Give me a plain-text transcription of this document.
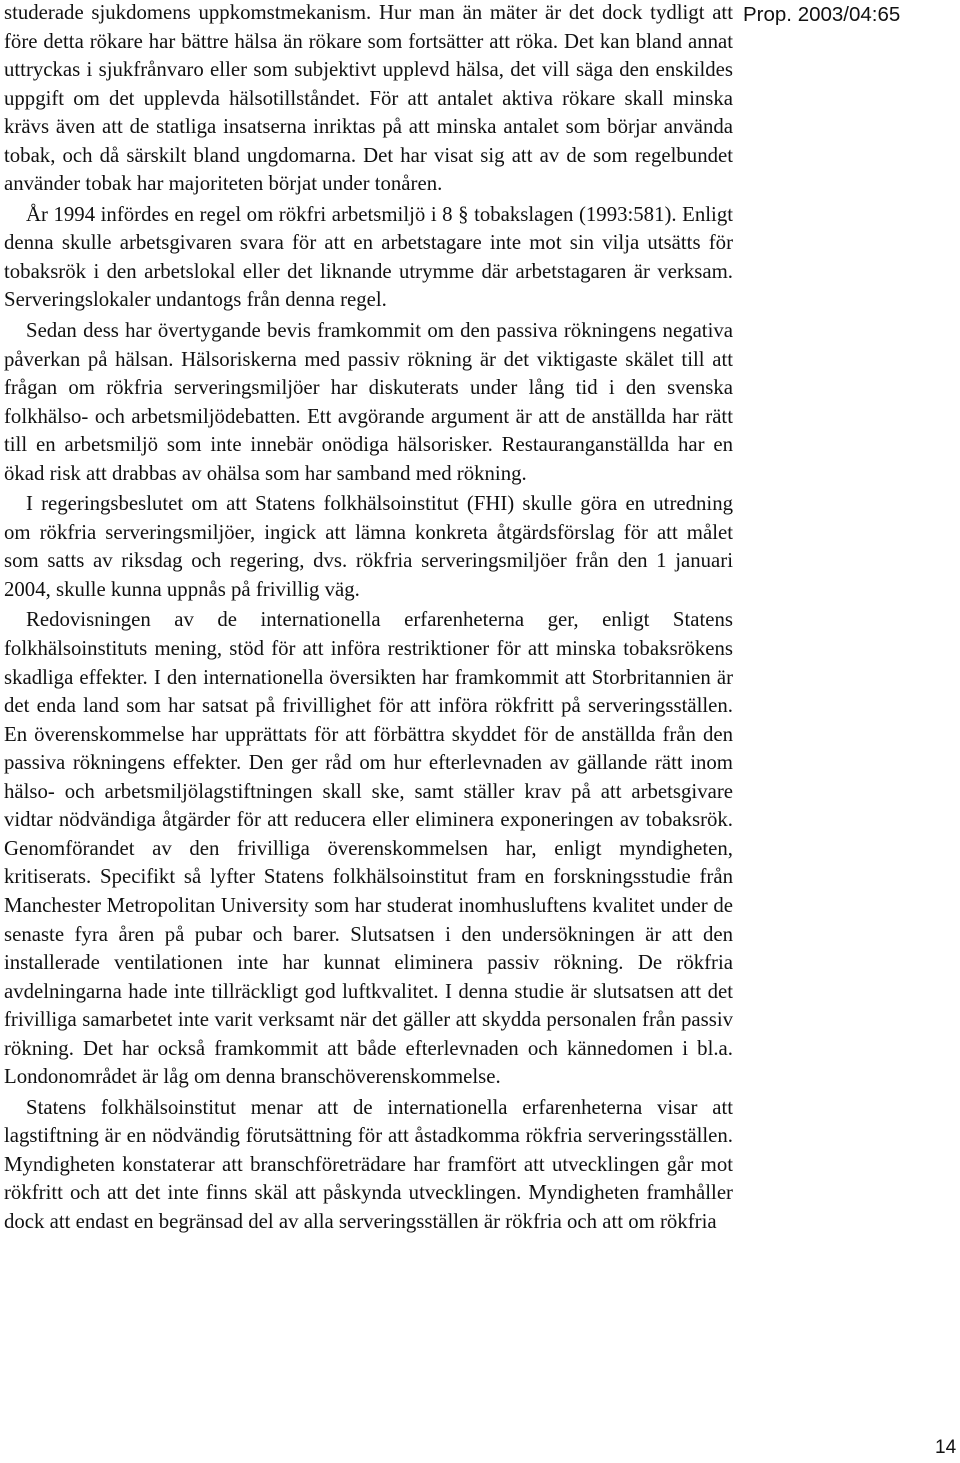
Prop. 2003/04:65

studerade sjukdomens uppkomstmekanism. Hur man än mäter är det dock tydligt att före detta rökare har bättre hälsa än rökare som fortsätter att röka. Det kan bland annat uttryckas i sjukfrånvaro eller som subjektivt upplevd hälsa, det vill säga den enskildes uppgift om det upplevda hälsotillståndet. För att antalet aktiva rökare skall minska krävs även att de statliga insatserna inriktas på att minska antalet som börjar använda tobak, och då särskilt bland ungdomarna. Det har visat sig att av de som regelbundet använder tobak har majoriteten börjat under tonåren.

År 1994 infördes en regel om rökfri arbetsmiljö i 8 § tobakslagen (1993:581). Enligt denna skulle arbetsgivaren svara för att en arbetstagare inte mot sin vilja utsätts för tobaksrök i den arbetslokal eller det liknande utrymme där arbetstagaren är verksam. Serveringslokaler undantogs från denna regel.

Sedan dess har övertygande bevis framkommit om den passiva rökningens negativa påverkan på hälsan. Hälsoriskerna med passiv rökning är det viktigaste skälet till att frågan om rökfria serveringsmiljöer har diskuterats under lång tid i den svenska folkhälso- och arbetsmiljödebatten. Ett avgörande argument är att de anställda har rätt till en arbetsmiljö som inte innebär onödiga hälsorisker. Restauranganställda har en ökad risk att drabbas av ohälsa som har samband med rökning.

I regeringsbeslutet om att Statens folkhälsoinstitut (FHI) skulle göra en utredning om rökfria serveringsmiljöer, ingick att lämna konkreta åtgärdsförslag för att målet som satts av riksdag och regering, dvs. rökfria serveringsmiljöer från den 1 januari 2004, skulle kunna uppnås på frivillig väg.

Redovisningen av de internationella erfarenheterna ger, enligt Statens folkhälsoinstituts mening, stöd för att införa restriktioner för att minska tobaksrökens skadliga effekter. I den internationella översikten har framkommit att Storbritannien är det enda land som har satsat på frivillighet för att införa rökfritt på serveringsställen. En överenskommelse har upprättats för att förbättra skyddet för de anställda från den passiva rökningens effekter. Den ger råd om hur efterlevnaden av gällande rätt inom hälso- och arbetsmiljölagstiftningen skall ske, samt ställer krav på att arbetsgivare vidtar nödvändiga åtgärder för att reducera eller eliminera exponeringen av tobaksrök. Genomförandet av den frivilliga överenskommelsen har, enligt myndigheten, kritiserats. Specifikt så lyfter Statens folkhälsoinstitut fram en forskningsstudie från Manchester Metropolitan University som har studerat inomhusluftens kvalitet under de senaste fyra åren på pubar och barer. Slutsatsen i den undersökningen är att den installerade ventilationen inte har kunnat eliminera passiv rökning. De rökfria avdelningarna hade inte tillräckligt god luftkvalitet. I denna studie är slutsatsen att det frivilliga samarbetet inte varit verksamt när det gäller att skydda personalen från passiv rökning. Det har också framkommit att både efterlevnaden och kännedomen i bl.a. Londonområdet är låg om denna branschöverenskommelse.

Statens folkhälsoinstitut menar att de internationella erfarenheterna visar att lagstiftning är en nödvändig förutsättning för att åstadkomma rökfria serveringsställen. Myndigheten konstaterar att branschföreträdare har framfört att utvecklingen går mot rökfritt och att det inte finns skäl att påskynda utvecklingen. Myndigheten framhåller dock att endast en begränsad del av alla serveringsställen är rökfria och att om rökfria

14
